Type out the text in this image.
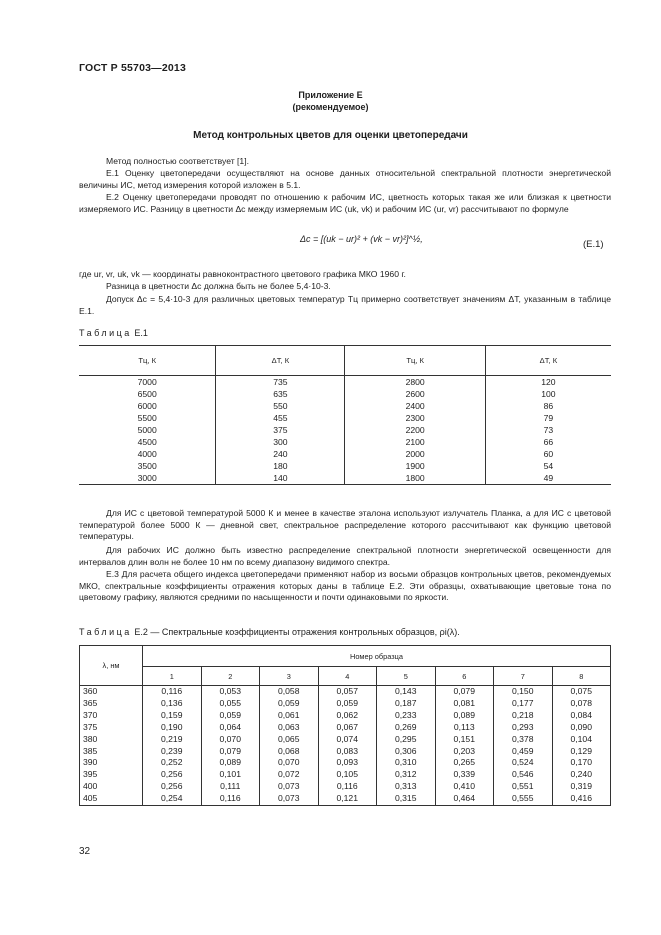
ГОСТ Р 55703—2013
Приложение Е
(рекомендуемое)
Метод контрольных цветов для оценки цветопередачи
Метод полностью соответствует [1].
Е.1 Оценку цветопередачи осуществляют на основе данных относительной спектральной плотности энергетической величины ИС, метод измерения которой изложен в 5.1.
Е.2 Оценку цветопередачи проводят по отношению к рабочим ИС, цветность которых такая же или близкая к цветности измеряемого ИС. Разницу в цветности Δc между измеряемым ИС (uk, vk) и рабочим ИС (ur, vr) рассчитывают по формуле
Δc = [(uk − ur)² + (vk − vr)²]^½,	(Е.1)
где ur, vr, uk, vk — координаты равноконтрастного цветового графика МКО 1960 г.
Разница в цветности Δc должна быть не более 5,4·10-3.
Допуск Δc = 5,4·10-3 для различных цветовых температур Tц примерно соответствует значениям ΔT, указанным в таблице Е.1.
Таблица Е.1
Tц, К	ΔT, К	Tц, К	ΔT, К
7000	735	2800	120
6500	635	2600	100
6000	550	2400	86
5500	455	2300	79
5000	375	2200	73
4500	300	2100	66
4000	240	2000	60
3500	180	1900	54
3000	140	1800	49
Для ИС с цветовой температурой 5000 К и менее в качестве эталона используют излучатель Планка, а для ИС с цветовой температурой более 5000 К — дневной свет, спектральное распределение которого рассчитывают как функцию цветовой температуры.
Для рабочих ИС должно быть известно распределение спектральной плотности энергетической освещенности для интервалов длин волн не более 10 нм по всему диапазону видимого спектра.
Е.3 Для расчета общего индекса цветопередачи применяют набор из восьми образцов контрольных цветов, рекомендуемых МКО, спектральные коэффициенты отражения которых даны в таблице Е.2. Эти образцы, охватывающие цветовые тона по цветовому графику, являются средними по насыщенности и почти одинаковыми по яркости.
Таблица Е.2 — Спектральные коэффициенты отражения контрольных образцов, ρi(λ).
λ, нм	Номер образца							
	1	2	3	4	5	6	7	8
360	0,116	0,053	0,058	0,057	0,143	0,079	0,150	0,075
365	0,136	0,055	0,059	0,059	0,187	0,081	0,177	0,078
370	0,159	0,059	0,061	0,062	0,233	0,089	0,218	0,084
375	0,190	0,064	0,063	0,067	0,269	0,113	0,293	0,090
380	0,219	0,070	0,065	0,074	0,295	0,151	0,378	0,104
385	0,239	0,079	0,068	0,083	0,306	0,203	0,459	0,129
390	0,252	0,089	0,070	0,093	0,310	0,265	0,524	0,170
395	0,256	0,101	0,072	0,105	0,312	0,339	0,546	0,240
400	0,256	0,111	0,073	0,116	0,313	0,410	0,551	0,319
405	0,254	0,116	0,073	0,121	0,315	0,464	0,555	0,416
32
